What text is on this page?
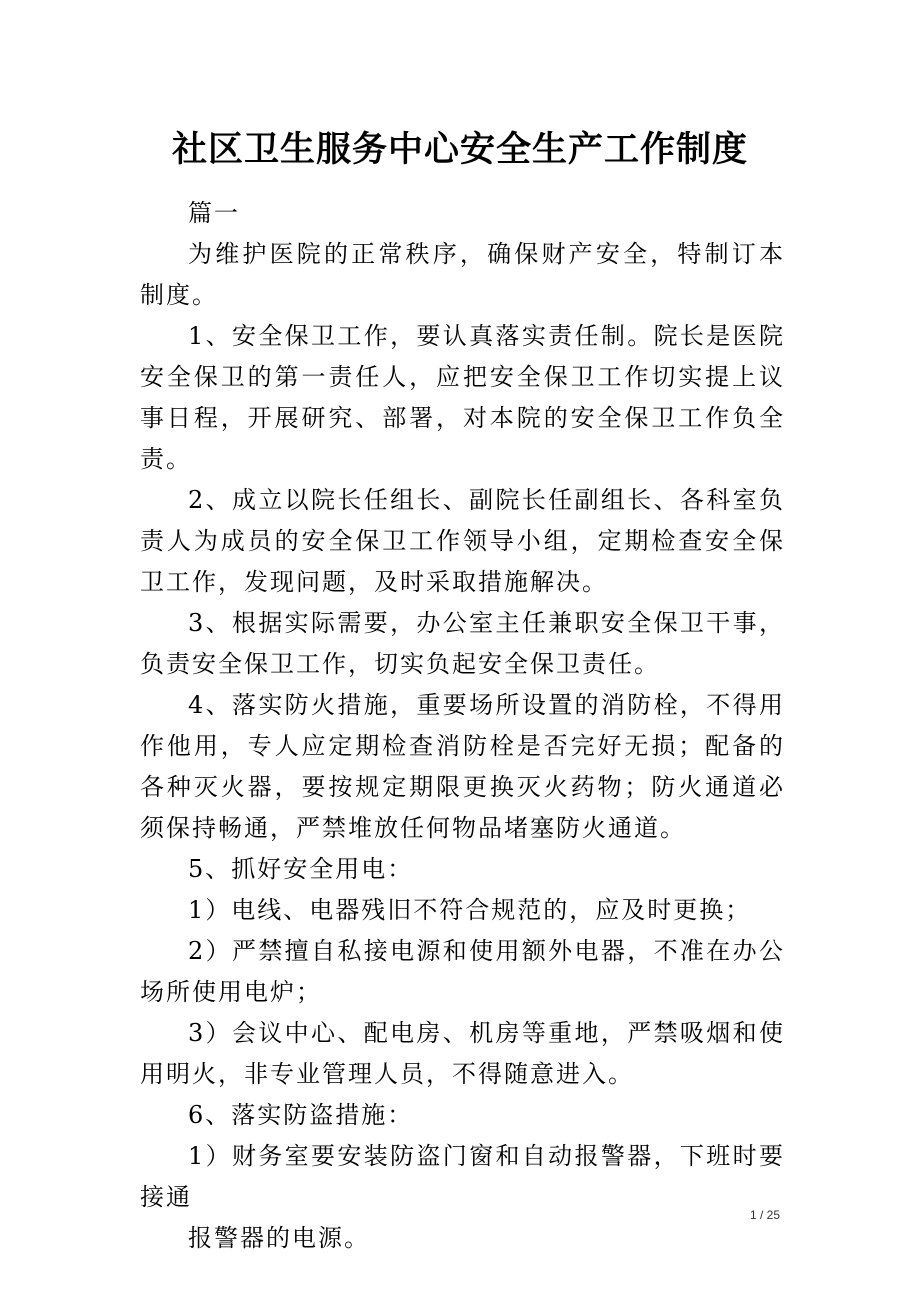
社区卫生服务中心安全生产工作制度

篇一

为维护医院的正常秩序，确保财产安全，特制订本制度。

1、安全保卫工作，要认真落实责任制。院长是医院安全保卫的第一责任人，应把安全保卫工作切实提上议事日程，开展研究、部署，对本院的安全保卫工作负全责。

2、成立以院长任组长、副院长任副组长、各科室负责人为成员的安全保卫工作领导小组，定期检查安全保卫工作，发现问题，及时采取措施解决。

3、根据实际需要，办公室主任兼职安全保卫干事，负责安全保卫工作，切实负起安全保卫责任。

4、落实防火措施，重要场所设置的消防栓，不得用作他用，专人应定期检查消防栓是否完好无损；配备的各种灭火器，要按规定期限更换灭火药物；防火通道必须保持畅通，严禁堆放任何物品堵塞防火通道。

5、抓好安全用电：

1）电线、电器残旧不符合规范的，应及时更换；

2）严禁擅自私接电源和使用额外电器，不准在办公场所使用电炉；

3）会议中心、配电房、机房等重地，严禁吸烟和使用明火，非专业管理人员，不得随意进入。

6、落实防盗措施：

1）财务室要安装防盗门窗和自动报警器，下班时要接通

报警器的电源。

1 / 25
